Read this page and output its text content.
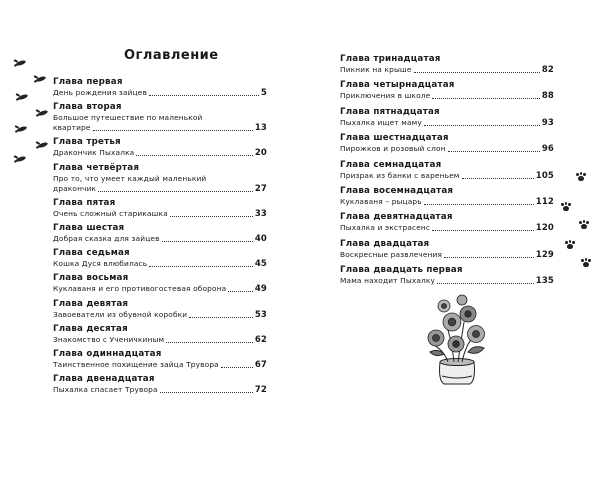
Оглавление
Глава первая
День рождения зайцев	5
Глава вторая
Большое путешествие по маленькой
квартире	13
Глава третья
Дракончик Пыхалка	20
Глава четвёртая
Про то, что умеет каждый маленький
дракончик	27
Глава пятая
Очень сложный старикашка	33
Глава шестая
Добрая сказка для зайцев	40
Глава седьмая
Кошка Дуся влюбилась	45
Глава восьмая
Куклаваня и его противогостевая оборона	49
Глава девятая
Завоеватели из обувной коробки	53
Глава десятая
Знакомство с Ученичкиным	62
Глава одиннадцатая
Таинственное похищение зайца Трувора	67
Глава двенадцатая
Пыхалка спасает Трувора	72
Глава тринадцатая
Пикник на крыше	82
Глава четырнадцатая
Приключения в школе	88
Глава пятнадцатая
Пыхалка ищет маму	93
Глава шестнадцатая
Пирожков и розовый слон	96
Глава семнадцатая
Призрак из банки с вареньем	105
Глава восемнадцатая
Куклаваня – рыцарь	112
Глава девятнадцатая
Пыхалка и экстрасенс	120
Глава двадцатая
Воскресные развлечения	129
Глава двадцать первая
Мама находит Пыхалку	135
